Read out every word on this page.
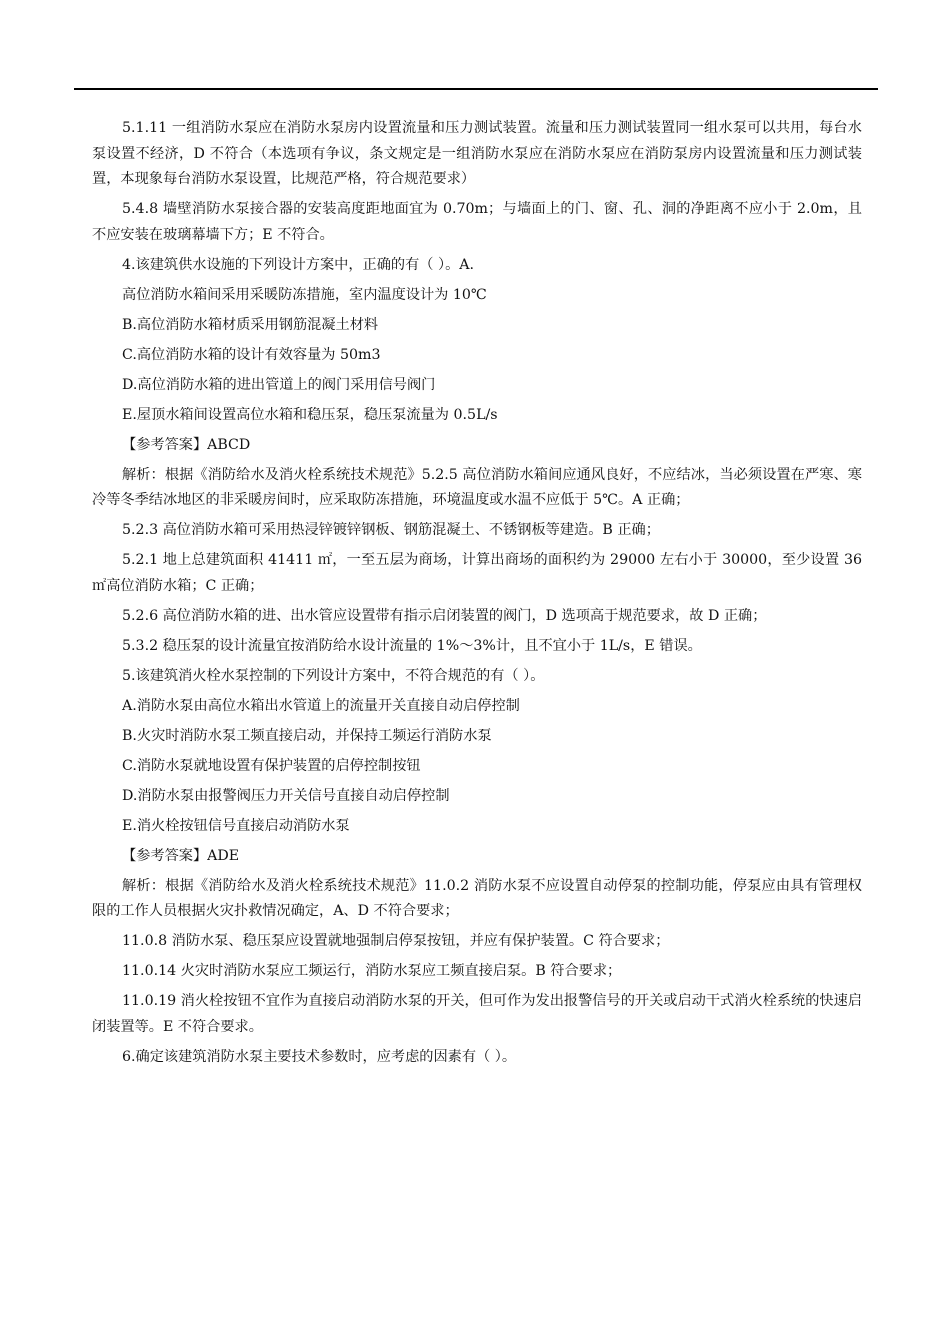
5.1.11 一组消防水泵应在消防水泵房内设置流量和压力测试装置。流量和压力测试装置同一组水泵可以共用，每台水泵设置不经济，D 不符合（本选项有争议，条文规定是一组消防水泵应在消防水泵应在消防泵房内设置流量和压力测试装置，本现象每台消防水泵设置，比规范严格，符合规范要求）

5.4.8 墙壁消防水泵接合器的安装高度距地面宜为 0.70m；与墙面上的门、窗、孔、洞的净距离不应小于 2.0m，且不应安装在玻璃幕墙下方；E 不符合。

4.该建筑供水设施的下列设计方案中，正确的有（ ）。A.

高位消防水箱间采用采暖防冻措施，室内温度设计为 10℃

B.高位消防水箱材质采用钢筋混凝土材料

C.高位消防水箱的设计有效容量为 50m3

D.高位消防水箱的进出管道上的阀门采用信号阀门

E.屋顶水箱间设置高位水箱和稳压泵，稳压泵流量为 0.5L/s

【参考答案】ABCD

解析：根据《消防给水及消火栓系统技术规范》5.2.5 高位消防水箱间应通风良好，不应结冰，当必须设置在严寒、寒冷等冬季结冰地区的非采暖房间时，应采取防冻措施，环境温度或水温不应低于 5℃。A 正确；

5.2.3 高位消防水箱可采用热浸锌镀锌钢板、钢筋混凝土、不锈钢板等建造。B 正确；

5.2.1 地上总建筑面积 41411 ㎡，一至五层为商场，计算出商场的面积约为 29000 左右小于 30000，至少设置 36 ㎡高位消防水箱；C 正确；

5.2.6 高位消防水箱的进、出水管应设置带有指示启闭装置的阀门，D 选项高于规范要求，故 D 正确；

5.3.2 稳压泵的设计流量宜按消防给水设计流量的 1%～3%计，且不宜小于 1L/s，E 错误。

5.该建筑消火栓水泵控制的下列设计方案中，不符合规范的有（ ）。

A.消防水泵由高位水箱出水管道上的流量开关直接自动启停控制

B.火灾时消防水泵工频直接启动，并保持工频运行消防水泵

C.消防水泵就地设置有保护装置的启停控制按钮

D.消防水泵由报警阀压力开关信号直接自动启停控制

E.消火栓按钮信号直接启动消防水泵

【参考答案】ADE

解析：根据《消防给水及消火栓系统技术规范》11.0.2 消防水泵不应设置自动停泵的控制功能，停泵应由具有管理权限的工作人员根据火灾扑救情况确定，A、D 不符合要求；

11.0.8 消防水泵、稳压泵应设置就地强制启停泵按钮，并应有保护装置。C 符合要求；

11.0.14 火灾时消防水泵应工频运行，消防水泵应工频直接启泵。B 符合要求；

11.0.19 消火栓按钮不宜作为直接启动消防水泵的开关，但可作为发出报警信号的开关或启动干式消火栓系统的快速启闭装置等。E 不符合要求。

6.确定该建筑消防水泵主要技术参数时，应考虑的因素有（ ）。
